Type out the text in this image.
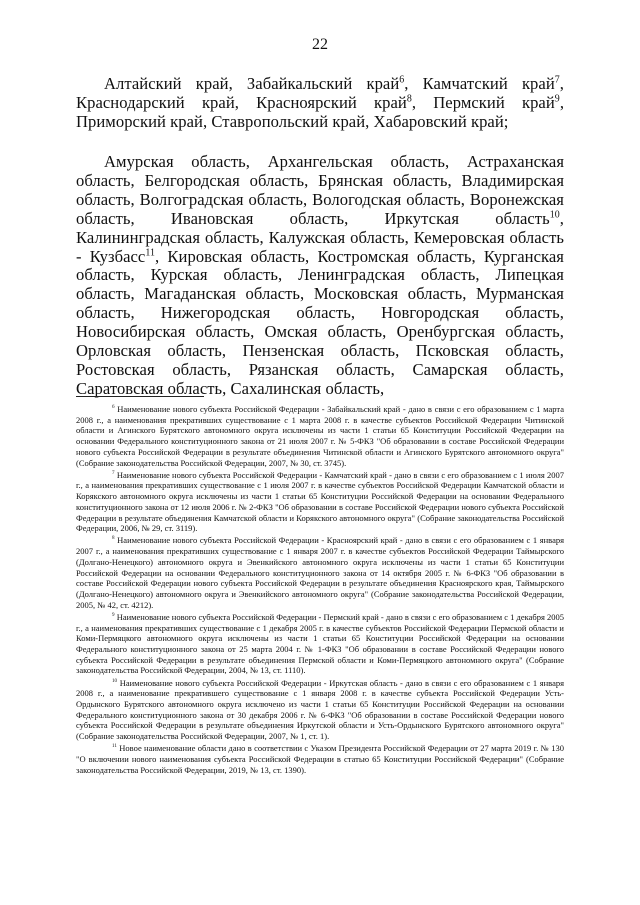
22

Алтайский край, Забайкальский край$^6$, Камчатский край$^7$, Краснодарский край, Красноярский край$^8$, Пермский край$^9$, Приморский край, Ставропольский край, Хабаровский край;

Амурская область, Архангельская область, Астраханская область, Белгородская область, Брянская область, Владимирская область, Волгоградская область, Вологодская область, Воронежская область, Ивановская область, Иркутская область$^{10}$, Калининградская область, Калужская область, Кемеровская область - Кузбасс$^{11}$, Кировская область, Костромская область, Курганская область, Курская область, Ленинградская область, Липецкая область, Магаданская область, Московская область, Мурманская область, Нижегородская область, Новгородская область, Новосибирская область, Омская область, Оренбургская область, Орловская область, Пензенская область, Псковская область, Ростовская область, Рязанская область, Самарская область, Саратовская область, Сахалинская область,

$^6$ Наименование нового субъекта Российской Федерации - Забайкальский край - дано в связи с его образованием с 1 марта 2008 г., а наименования прекративших существование с 1 марта 2008 г. в качестве субъектов Российской Федерации Читинской области и Агинского Бурятского автономного округа исключены из части 1 статьи 65 Конституции Российской Федерации на основании Федерального конституционного закона от 21 июля 2007 г. № 5-ФКЗ "Об образовании в составе Российской Федерации нового субъекта Российской Федерации в результате объединения Читинской области и Агинского Бурятского автономного округа" (Собрание законодательства Российской Федерации, 2007, № 30, ст. 3745).

$^7$ Наименование нового субъекта Российской Федерации - Камчатский край - дано в связи с его образованием с 1 июля 2007 г., а наименования прекративших существование с 1 июля 2007 г. в качестве субъектов Российской Федерации Камчатской области и Корякского автономного округа исключены из части 1 статьи 65 Конституции Российской Федерации на основании Федерального конституционного закона от 12 июля 2006 г. № 2-ФКЗ "Об образовании в составе Российской Федерации нового субъекта Российской Федерации в результате объединения Камчатской области и Корякского автономного округа" (Собрание законодательства Российской Федерации, 2006, № 29, ст. 3119).

$^8$ Наименование нового субъекта Российской Федерации - Красноярский край - дано в связи с его образованием с 1 января 2007 г., а наименования прекративших существование с 1 января 2007 г. в качестве субъектов Российской Федерации Таймырского (Долгано-Ненецкого) автономного округа и Эвенкийского автономного округа исключены из части 1 статьи 65 Конституции Российской Федерации на основании Федерального конституционного закона от 14 октября 2005 г. № 6-ФКЗ "Об образовании в составе Российской Федерации нового субъекта Российской Федерации в результате объединения Красноярского края, Таймырского (Долгано-Ненецкого) автономного округа и Эвенкийского автономного округа" (Собрание законодательства Российской Федерации, 2005, № 42, ст. 4212).

$^9$ Наименование нового субъекта Российской Федерации - Пермский край - дано в связи с его образованием с 1 декабря 2005 г., а наименования прекративших существование с 1 декабря 2005 г. в качестве субъектов Российской Федерации Пермской области и Коми-Пермяцкого автономного округа исключены из части 1 статьи 65 Конституции Российской Федерации на основании Федерального конституционного закона от 25 марта 2004 г. № 1-ФКЗ "Об образовании в составе Российской Федерации нового субъекта Российской Федерации в результате объединения Пермской области и Коми-Пермяцкого автономного округа" (Собрание законодательства Российской Федерации, 2004, № 13, ст. 1110).

$^{10}$ Наименование нового субъекта Российской Федерации - Иркутская область - дано в связи с его образованием с 1 января 2008 г., а наименование прекратившего существование с 1 января 2008 г. в качестве субъекта Российской Федерации Усть-Ордынского Бурятского автономного округа исключено из части 1 статьи 65 Конституции Российской Федерации на основании Федерального конституционного закона от 30 декабря 2006 г. № 6-ФКЗ "Об образовании в составе Российской Федерации нового субъекта Российской Федерации в результате объединения Иркутской области и Усть-Ордынского Бурятского автономного округа" (Собрание законодательства Российской Федерации, 2007, № 1, ст. 1).

$^{11}$ Новое наименование области дано в соответствии с Указом Президента Российской Федерации от 27 марта 2019 г. № 130 "О включении нового наименования субъекта Российской Федерации в статью 65 Конституции Российской Федерации" (Собрание законодательства Российской Федерации, 2019, № 13, ст. 1390).
